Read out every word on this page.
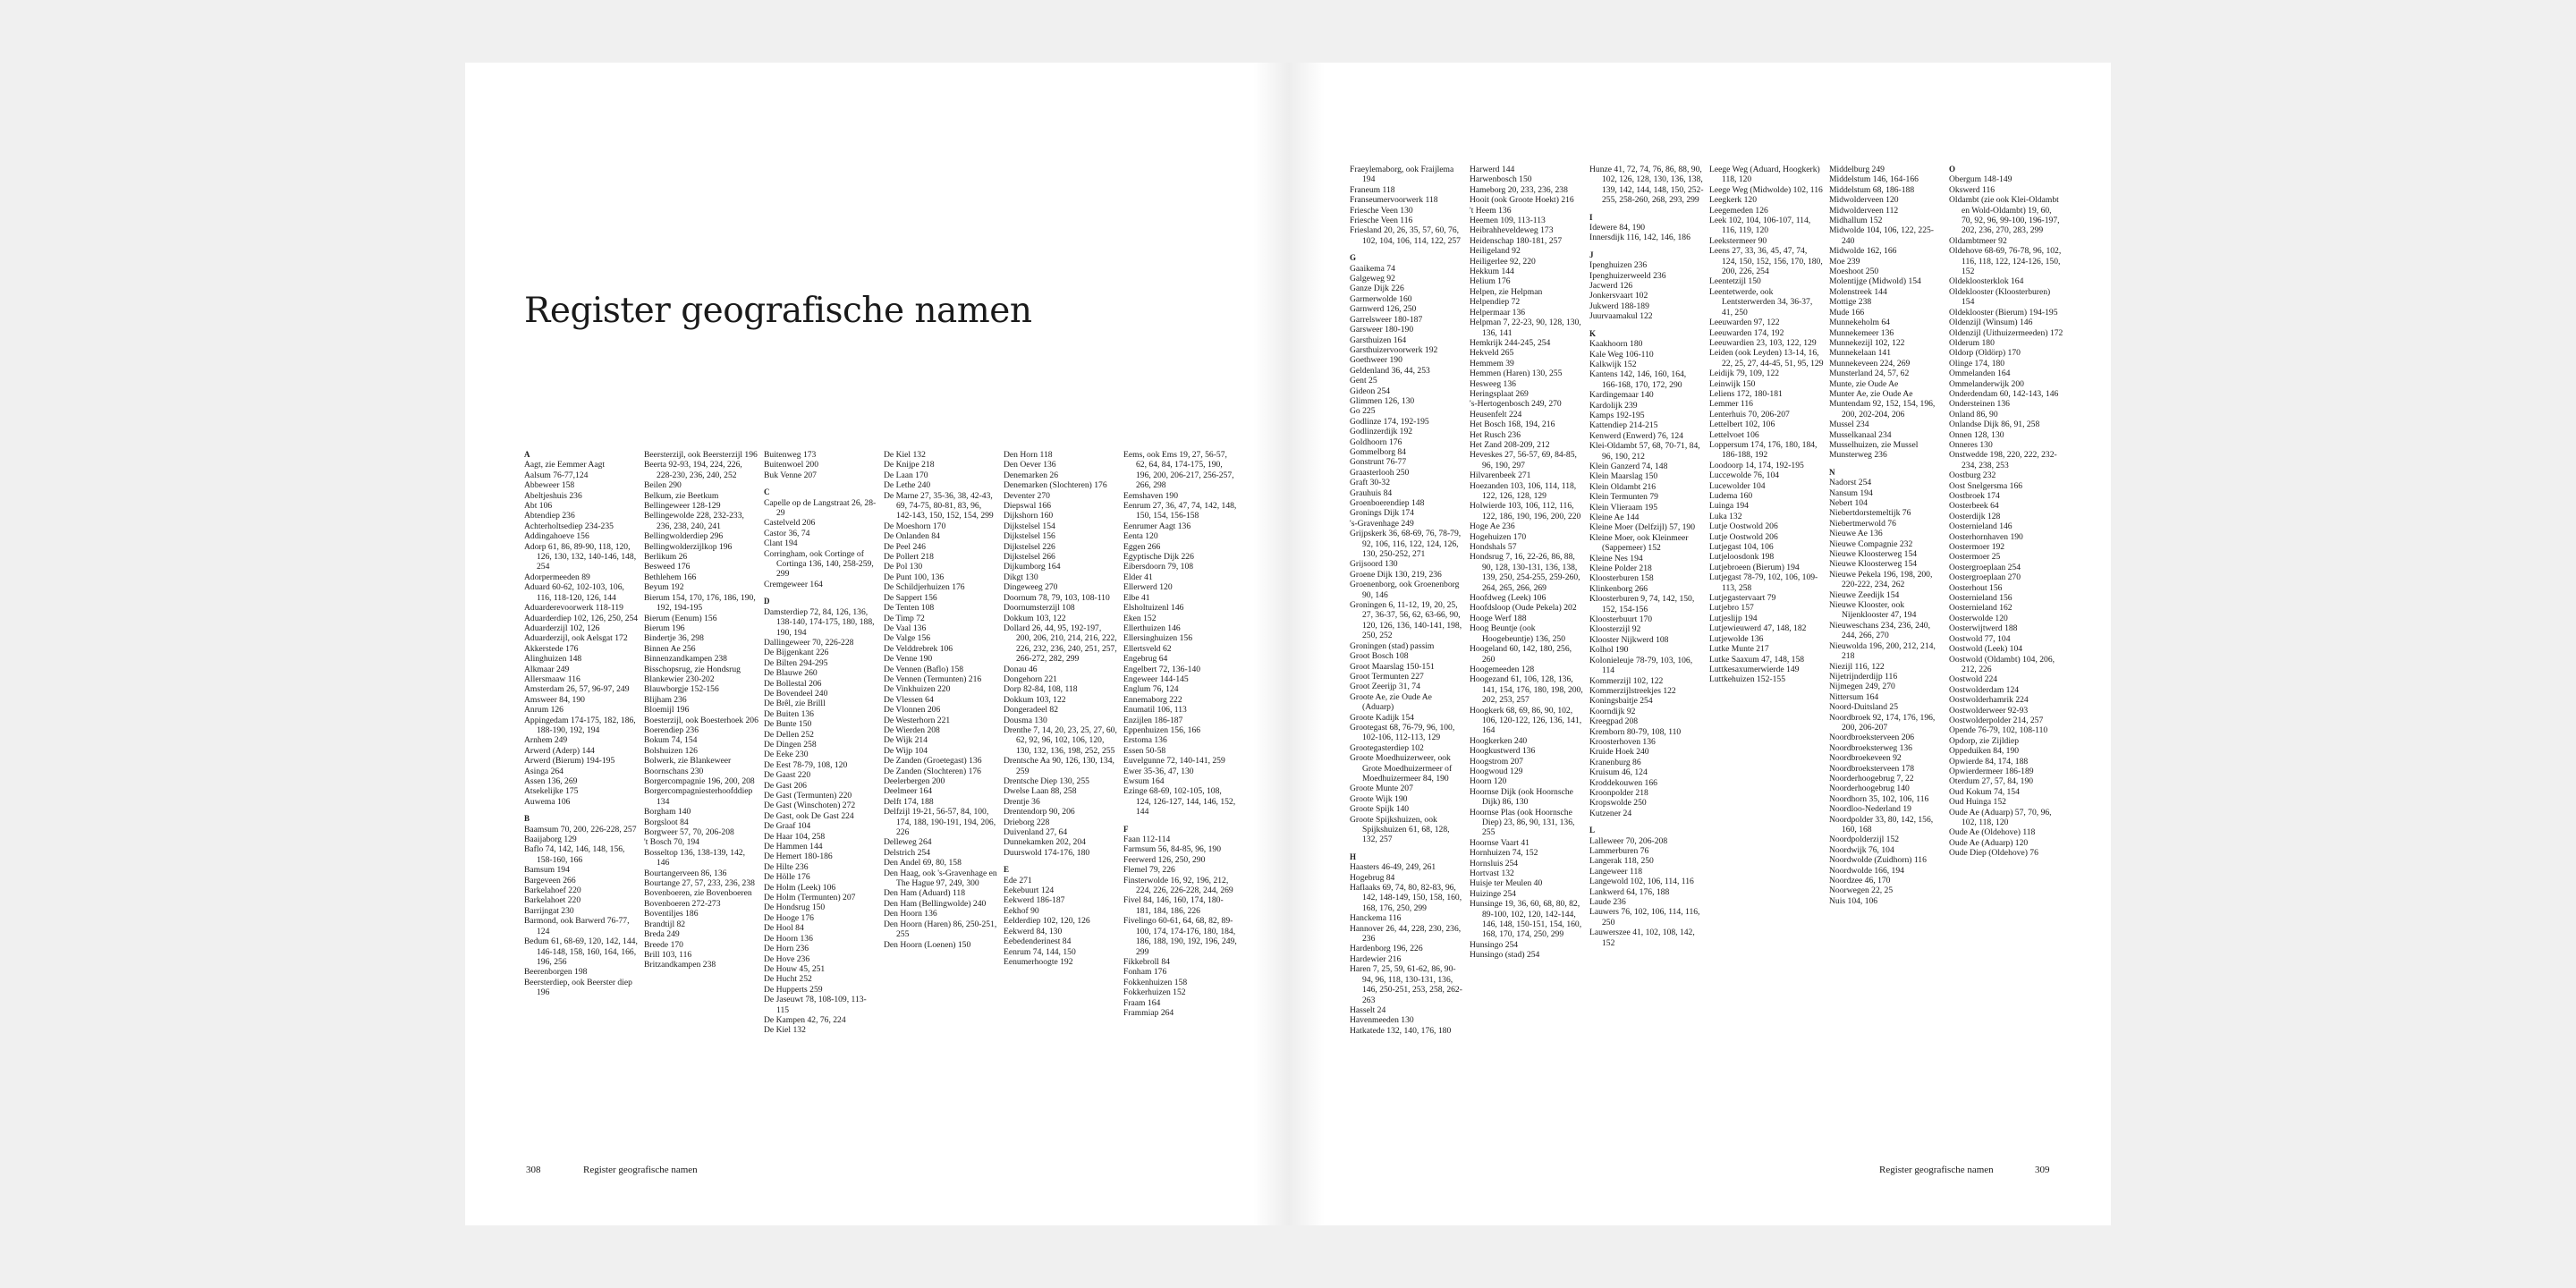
Register geografische namen
A
Aagt, zie Eemmer Aagt
Aalsum 76-77,124
Abbeweer 158
Abeltjeshuis 236
Abt 106
Abtendiep 236
Achterholtsediep 234-235
Addingahoeve 156
Adorp 61, 86, 89-90, 118, 120, 126, 130, 132, 140-146, 148, 254
Adorpermeeden 89
Aduard 60-62, 102-103, 106, 116, 118-120, 126, 144
Aduarderevoorwerk 118-119
Aduarderdiep 102, 126, 250, 254
Aduarderzijl 102, 126
Aduarderzijl, ook Aelsgat 172
Akkerstede 176
Alinghuizen 148
Alkmaar 249
Allersmaaw 116
Amsterdam 26, 57, 96-97, 249
Amsweer 84, 190
Anrum 126
Appingedam 174-175, 182, 186, 188-190, 192, 194
Arnhem 249
Arwerd (Aderp) 144
Arwerd (Bierum) 194-195
Asinga 264
Assen 136, 269
Atsekelijke 175
Auwema 106
B
Baamsum 70, 200, 226-228, 257
Baaijaborg 129
Baflo 74, 142, 146, 148, 156, 158-160, 166
Bamsum 194
Bargeveen 266
Barkelahoef 220
Barkelahoet 220
Barrijngat 230
Barmond, ook Barwerd 76-77, 124
Bedum 61, 68-69, 120, 142, 144, 146-148, 158, 160, 164, 166, 196, 256
Beerenborgen 198
Beersterdiep, ook Beerster diep 196
Beersterzijl, ook Beersterzijl 196
Beerta 92-93, 194, 224, 226, 228-230, 236, 240, 252
Beilen 290
Belkum, zie Beetkum
Bellingeweer 128-129
Bellingewolde 228, 232-233, 236, 238, 240, 241
Bellingwolderdiep 296
Bellingwolderzijlkop 196
Berlikum 26
Besweed 176
Bethlehem 166
Beyum 192
Bierum 154, 170, 176, 186, 190, 192, 194-195
Bierum (Eenum) 156
Bierum 196
Bindertje 36, 298
Binnen Ae 256
Binnenzandkampen 238
Bisschopsrug, zie Hondsrug
Blankewier 230-202
Blauwborgje 152-156
Blijham 236
Bloemijl 196
Boesterzijl, ook Boesterhoek 206
Boerendiep 236
Bokum 74, 154
Bolshuizen 126
Bolwerk, zie Blankeweer
Boornschans 230
Borgercompagnie 196, 200, 208
Borgercompagniesterhoofddiep 134
Borgham 140
Borgsloot 84
Borgweer 57, 70, 206-208
't Bosch 70, 194
Bosseltop 136, 138-139, 142, 146
Bourtangerveen 86, 136
Bourtange 27, 57, 233, 236, 238
Bovenboeren, zie Bovenboeren
Bovenboeren 272-273
Boventiljes 186
Brandtijl 82
Breda 249
Breede 170
Brill 103, 116
Britzandkampen 238
Buitenweg 173
Buitenwoel 200
Buk Venne 207
C
Capelle op de Langstraat 26, 28-29
Castelveld 206
Castor 36, 74
Clant 194
Corringham, ook Cortinge of Cortinga 136, 140, 258-259, 299
Cremgeweer 164
D
Damsterdiep 72, 84, 126, 136, 138-140, 174-175, 180, 188, 190, 194
Dallingeweer 70, 226-228
De Bijgenkant 226
De Bilten 294-295
De Blauwe 260
De Bollestal 206
De Bovendeel 240
De Brêl, zie Brilll
De Buiten 136
De Bunte 150
De Dellen 252
De Dingen 258
De Eeke 230
De Eest 78-79, 108, 120
De Gaast 220
De Gast 206
De Gast (Termunten) 220
De Gast (Winschoten) 272
De Gast, ook De Gast 224
De Graaf 104
De Haar 104, 258
De Hammen 144
De Hemert 180-186
De Hilte 236
De Hölle 176
De Holm (Leek) 106
De Holm (Termunten) 207
De Hondsrug 150
De Hooge 176
De Hool 84
De Hoorn 136
De Horn 236
De Hove 236
De Houw 45, 251
De Hucht 252
De Hupperts 259
De Jaseuwt 78, 108-109, 113-115
De Kampen 42, 76, 224
De Kiel 132
De Kiel 132
De Knijpe 218
De Laan 170
De Lethe 240
De Marne 27, 35-36, 38, 42-43, 69, 74-75, 80-81, 83, 96, 142-143, 150, 152, 154, 299
De Moeshorn 170
De Onlanden 84
De Peel 246
De Pollert 218
De Pol 130
De Punt 100, 136
De Schildjerhuizen 176
De Sappert 156
De Tenten 108
De Timp 72
De Vaal 136
De Valge 156
De Velddrebrek 106
De Venne 190
De Vennen (Baflo) 158
De Vennen (Termunten) 216
De Vinkhuizen 220
De Vlessen 64
De Vlonnen 206
De Westerhorn 221
De Wierden 208
De Wijk 214
De Wijp 104
De Zanden (Groetegast) 136
De Zanden (Slochteren) 176
Deelerbergen 200
Deelmeer 164
Delft 174, 188
Delfzijl 19-21, 56-57, 84, 100, 174, 188, 190-191, 194, 206, 226
Delleweg 264
Delstrich 254
Den Andel 69, 80, 158
Den Haag, ook 's-Gravenhage en The Hague 97, 249, 300
Den Ham (Aduard) 118
Den Ham (Bellingwolde) 240
Den Hoorn 136
Den Hoorn (Haren) 86, 250-251, 255
Den Hoorn (Loenen) 150
Den Horn 118
Den Oever 136
Denemarken 26
Denemarken (Slochteren) 176
Deventer 270
Diepswal 166
Dijkshorn 160
Dijkstelsel 154
Dijkstelsel 156
Dijkstelsel 226
Dijkstelsel 266
Dijkumborg 164
Dikgt 130
Dingeweeg 270
Doornum 78, 79, 103, 108-110
Doornumsterzijl 108
Dokkum 103, 122
Dollard 26, 44, 95, 192-197, 200, 206, 210, 214, 216, 222, 226, 232, 236, 240, 251, 257, 266-272, 282, 299
Donau 46
Dongehorn 221
Dorp 82-84, 108, 118
Dokkum 103, 122
Dongeradeel 82
Dousma 130
Drenthe 7, 14, 20, 23, 25, 27, 60, 62, 92, 96, 102, 106, 120, 130, 132, 136, 198, 252, 255
Drentsche Aa 90, 126, 130, 134, 259
Drentsche Diep 130, 255
Dwelse Laan 88, 258
Drentje 36
Drentendorp 90, 206
Drieborg 228
Duivenland 27, 64
Dunnekamken 202, 204
Duurswold 174-176, 180
E
Ede 271
Eekebuurt 124
Eekwerd 186-187
Eekhof 90
Eelderdiep 102, 120, 126
Eekwerd 84, 130
Eebedenderinest 84
Eenrum 74, 144, 150
Eenumerhoogte 192
Eems, ook Ems 19, 27, 56-57, 62, 64, 84, 174-175, 190, 196, 200, 206-217, 256-257, 266, 298
Eemshaven 190
Eenrum 27, 36, 47, 74, 142, 148, 150, 154, 156-158
Eenrumer Aagt 136
Eenta 120
Eggen 266
Egyptische Dijk 226
Eibersdoorn 79, 108
Elder 41
Ellerwerd 120
Elbe 41
Elsholtuizenl 146
Eken 152
Ellerthuizen 146
Ellersinghuizen 156
Ellertsveld 62
Engebrug 64
Engelbert 72, 136-140
Engeweer 144-145
Englum 76, 124
Ennemaborg 222
Enumatil 106, 113
Enzijlen 186-187
Eppenhuizen 156, 166
Erstoma 136
Essen 50-58
Euvelgunne 72, 140-141, 259
Ewer 35-36, 47, 130
Ewsum 164
Ezinge 68-69, 102-105, 108, 124, 126-127, 144, 146, 152, 144
F
Faan 112-114
Farmsum 56, 84-85, 96, 190
Feerwerd 126, 250, 290
Flemel 79, 226
Finsterwolde 16, 92, 196, 212, 224, 226, 226-228, 244, 269
Fivel 84, 146, 160, 174, 180-181, 184, 186, 226
Fivelingo 60-61, 64, 68, 82, 89-100, 174, 174-176, 180, 184, 186, 188, 190, 192, 196, 249, 299
Fikkebroll 84
Fonham 176
Fokkenhuizen 158
Fokkerhuizen 152
Fraam 164
Frammiap 264
308	Register geografische namen
Fraeylemaborg, ook Fraijlema 194
Franeum 118
Franseumervoorwerk 118
Friesche Veen 130
Friesche Veen 116
Friesland 20, 26, 35, 57, 60, 76, 102, 104, 106, 114, 122, 257
G
Gaaikema 74
Galgeweg 92
Ganze Dijk 226
Garmerwolde 160
Garnwerd 126, 250
Garrelsweer 180-187
Garsweer 180-190
Garsthuizen 164
Garsthuizervoorwerk 192
Goethweer 190
Geldenland 36, 44, 253
Gent 25
Gideon 254
Glimmen 126, 130
Go 225
Godlinze 174, 192-195
Godlinzerdijk 192
Goldhoorn 176
Gommelborg 84
Gonstrunt 76-77
Graasterlooh 250
Graft 30-32
Grauhuis 84
Groenboerendiep 148
Gronings Dijk 174
's-Gravenhage 249
Grijpskerk 36, 68-69, 76, 78-79, 92, 106, 116, 122, 124, 126, 130, 250-252, 271
Grijsoord 130
Groene Dijk 130, 219, 236
Groenenborg, ook Groenenborg 90, 146
Groningen 6, 11-12, 19, 20, 25, 27, 36-37, 56, 62, 63-66, 90, 120, 126, 136, 140-141, 198, 250, 252
Groningen (stad) passim
Groot Bosch 108
Groot Maarslag 150-151
Groot Termunten 227
Groot Zeerijp 31, 74
Groote Ae, zie Oude Ae (Aduarp)
Groote Kadijk 154
Grootegast 68, 76-79, 96, 100, 102-106, 112-113, 129
Grootegasterdiep 102
Groote Moedhuizerweer, ook Grote Moedhuizermeer of Moedhuizermeer 84, 190
Groote Munte 207
Groote Wijk 190
Groote Spijk 140
Groote Spijkshuizen, ook Spijkshuizen 61, 68, 128, 132, 257
H
Haasters 46-49, 249, 261
Hogebrug 84
Haflaaks 69, 74, 80, 82-83, 96, 142, 148-149, 150, 158, 160, 168, 176, 250, 299
Hanckema 116
Hannover 26, 44, 228, 230, 236, 236
Hardenborg 196, 226
Hardewier 216
Haren 7, 25, 59, 61-62, 86, 90-94, 96, 118, 130-131, 136, 146, 250-251, 253, 258, 262-263
Hasselt 24
Havenmeeden 130
Hatkatede 132, 140, 176, 180
Harwerd 144
Harwenbosch 150
Hameborg 20, 233, 236, 238
Hooit (ook Groote Hoekt) 216
't Heem 136
Heemen 109, 113-113
Heibrahheveldeweg 173
Heidenschap 180-181, 257
Heiligeland 92
Heiligerlee 92, 220
Hekkum 144
Helium 176
Helpen, zie Helpman
Helpendiep 72
Helpermaar 136
Helpman 7, 22-23, 90, 128, 130, 136, 141
Hemkrijk 244-245, 254
Hekveld 265
Hemmem 39
Hemmen (Haren) 130, 255
Hesweeg 136
Heringsplaat 269
's-Hertogenbosch 249, 270
Heusenfelt 224
Het Bosch 168, 194, 216
Het Rusch 236
Het Zand 208-209, 212
Heveskes 27, 56-57, 69, 84-85, 96, 190, 297
Hilvarenbeek 271
Hoezanden 103, 106, 114, 118, 122, 126, 128, 129
Holwierde 103, 106, 112, 116, 122, 186, 190, 196, 200, 220
Hoge Ae 236
Hogehuizen 170
Hondshals 57
Hondsrug 7, 16, 22-26, 86, 88, 90, 128, 130-131, 136, 138, 139, 250, 254-255, 259-260, 264, 265, 266, 269
Hoofdweg (Leek) 106
Hoofdsloop (Oude Pekela) 202
Hooge Werf 188
Hoog Beuntje (ook Hoogebeuntje) 136, 250
Hoogeland 60, 142, 180, 256, 260
Hoogemeeden 128
Hoogezand 61, 106, 128, 136, 141, 154, 176, 180, 198, 200, 202, 253, 257
Hoogkerk 68, 69, 86, 90, 102, 106, 120-122, 126, 136, 141, 164
Hoogkerken 240
Hoogkustwerd 136
Hoogstrom 207
Hoogwoud 129
Hoorn 120
Hoornse Dijk (ook Hoornsche Dijk) 86, 130
Hoornse Plas (ook Hoornsche Diep) 23, 86, 90, 131, 136, 255
Hoornse Vaart 41
Hornhuizen 74, 152
Hornsluis 254
Hortvast 132
Huisje ter Meulen 40
Huizinge 254
Hunsinge 19, 36, 60, 68, 80, 82, 89-100, 102, 120, 142-144, 146, 148, 150-151, 154, 160, 168, 170, 174, 250, 299
Hunsingo 254
Hunsingo (stad) 254
Hunze 41, 72, 74, 76, 86, 88, 90, 102, 126, 128, 130, 136, 138, 139, 142, 144, 148, 150, 252-255, 258-260, 268, 293, 299
I
Idewere 84, 190
Innersdijk 116, 142, 146, 186
J
Ipenghuizen 236
Ipenghuizerweeld 236
Jacwerd 126
Jonkersvaart 102
Jukwerd 188-189
Juurvaamakul 122
K
Kaakhoorn 180
Kale Weg 106-110
Kalkwijk 152
Kantens 142, 146, 160, 164, 166-168, 170, 172, 290
Kardingemaar 140
Kardolijk 239
Kamps 192-195
Kattendiep 214-215
Kenwerd (Enwerd) 76, 124
Klei-Oldambt 57, 68, 70-71, 84, 96, 190, 212
Klein Ganzerd 74, 148
Klein Maarslag 150
Klein Oldambt 216
Klein Termunten 79
Klein Vlieraam 195
Kleine Ae 144
Kleine Moer (Delfzijl) 57, 190
Kleine Moer, ook Kleinmeer (Sappemeer) 152
Kleine Nes 194
Kleine Polder 218
Kloosterburen 158
Klinkenborg 266
Kloosterburen 9, 74, 142, 150, 152, 154-156
Kloosterbuurt 170
Kloosterzijl 92
Klooster Nijkwerd 108
Kolhol 190
Kolonieleuje 78-79, 103, 106, 114
Kommerzijl 102, 122
Kommerzijlstreekjes 122
Koningsbaitje 254
Koorndijk 92
Kreegpad 208
Kremborn 80-79, 108, 110
Kroosterhoven 136
Kruide Hoek 240
Kranenburg 86
Kruisum 46, 124
Kroddekouwen 166
Kroonpolder 218
Kropswolde 250
Kutzener 24
L
Lalleweer 70, 206-208
Lammerburen 76
Langerak 118, 250
Langeweer 118
Langewold 102, 106, 114, 116
Lankwerd 64, 176, 188
Laude 236
Lauwers 76, 102, 106, 114, 116, 250
Lauwerszee 41, 102, 108, 142, 152
Leege Weg (Aduard, Hoogkerk) 118, 120
Leege Weg (Midwolde) 102, 116
Leegkerk 120
Leegemeden 126
Leek 102, 104, 106-107, 114, 116, 119, 120
Leekstermeer 90
Leens 27, 33, 36, 45, 47, 74, 124, 150, 152, 156, 170, 180, 200, 226, 254
Leentetzijl 150
Leentetwerde, ook Lentsterwerden 34, 36-37, 41, 250
Leeuwarden 97, 122
Leeuwarden 174, 192
Leeuwardien 23, 103, 122, 129
Leiden (ook Leyden) 13-14, 16, 22, 25, 27, 44-45, 51, 95, 129
Leidijk 79, 109, 122
Leinwijk 150
Leliens 172, 180-181
Lemmer 116
Lenterhuis 70, 206-207
Lettelbert 102, 106
Lettelvoet 106
Loppersum 174, 176, 180, 184, 186-188, 192
Loodoorp 14, 174, 192-195
Luccewolde 76, 104
Lucewolder 104
Ludema 160
Luinga 194
Luka 132
Lutje Oostwold 206
Lutje Oostwold 206
Lutjegast 104, 106
Lutjeloosdonk 198
Lutjebroeen (Bierum) 194
Lutjegast 78-79, 102, 106, 109-113, 258
Lutjegastervaart 79
Lutjebro 157
Lutjeslijp 194
Lutjewieuwerd 47, 148, 182
Lutjewolde 136
Lutke Munte 217
Lutke Saaxum 47, 148, 158
Luttkesaxumerwierde 149
Luttkehuizen 152-155
Middelburg 249
Middelstum 146, 164-166
Middelstum 68, 186-188
Midwolderveen 120
Midwolderveen 112
Midhallum 152
Midwolde 104, 106, 122, 225-240
Midwolde 162, 166
Moe 239
Moeshoot 250
Molentijge (Midwold) 154
Molenstreek 144
Mottige 238
Mude 166
Munnekeholm 64
Munnekemeer 136
Munnekezijl 102, 122
Munnekelaan 141
Munnekeveen 224, 269
Munsterland 24, 57, 62
Munte, zie Oude Ae
Munter Ae, zie Oude Ae
Muntendam 92, 152, 154, 196, 200, 202-204, 206
Mussel 234
Musselkanaal 234
Musselhuizen, zie Mussel
Munsterweg 236
N
Nadorst 254
Nansum 194
Nebert 104
Niebertdorstemeltijk 76
Niebertmerwold 76
Nieuwe Ae 136
Nieuwe Compagnie 232
Nieuwe Kloosterweg 154
Nieuwe Kloosterweg 154
Nieuwe Pekela 196, 198, 200, 220-222, 234, 262
Nieuwe Zeedijk 154
Nieuwe Klooster, ook Nijenklooster 47, 194
Nieuweschans 234, 236, 240, 244, 266, 270
Nieuwolda 196, 200, 212, 214, 218
Niezijl 116, 122
Nijetrijnderdijp 116
Nijmegen 249, 270
Nittersum 164
Noord-Duitsland 25
Noordbroek 92, 174, 176, 196, 200, 206-207
Noordbroeksterveen 206
Noordbroeksterweg 136
Noordbroekeveen 92
Noordbroeksterveen 178
Noorderhoogebrug 7, 22
Noorderhoogebrug 140
Noordhorn 35, 102, 106, 116
Noordloo-Nederland 19
Noordpolder 33, 80, 142, 156, 160, 168
Noordpolderzijl 152
Noordwijk 76, 104
Noordwolde (Zuidhorn) 116
Noordwolde 166, 194
Noordzee 46, 170
Noorwegen 22, 25
Nuis 104, 106
O
Obergum 148-149
Okswerd 116
Oldambt (zie ook Klei-Oldambt en Wold-Oldambt) 19, 60, 70, 92, 96, 99-100, 196-197, 202, 236, 270, 283, 299
Oldambtmeer 92
Oldehove 68-69, 76-78, 96, 102, 116, 118, 122, 124-126, 150, 152
Oldekloosterklok 164
Oldeklooster (Kloosterburen) 154
Oldeklooster (Bierum) 194-195
Oldenzijl (Winsum) 146
Oldenzijl (Uithuizermeeden) 172
Olderum 180
Oldorp (Oldörp) 170
Olinge 174, 180
Ommelanden 164
Ommelanderwijk 200
Onderdendam 60, 142-143, 146
Ondersteinen 136
Onland 86, 90
Onlandse Dijk 86, 91, 258
Onnen 128, 130
Onneres 130
Onstwedde 198, 220, 222, 232-234, 238, 253
Oostburg 232
Oost Snelgersma 166
Oostbroek 174
Oosterbeek 64
Oosterdijk 128
Oosternieland 146
Oosterhornhaven 190
Oostermoer 192
Oostermoer 25
Oostergroeplaan 254
Oostergroeplaan 270
Oosterhout 156
Oosternieland 156
Oosternieland 162
Oosterwolde 120
Oosterwijtwerd 188
Oostwold 77, 104
Oostwold (Leek) 104
Oostwold (Oldambt) 104, 206, 212, 226
Oostwold 224
Oostwolderdam 124
Oostwolderhamrik 224
Oostwolderweer 92-93
Oostwolderpolder 214, 257
Opende 76-79, 102, 108-110
Opdorp, zie Zijldiep
Oppeduiken 84, 190
Opwierde 84, 174, 188
Opwierdermeer 186-189
Oterdum 27, 57, 84, 190
Oud Kokum 74, 154
Oud Huinga 152
Oude Ae (Aduarp) 57, 70, 96, 102, 118, 120
Oude Ae (Oldehove) 118
Oude Ae (Aduarp) 120
Oude Diep (Oldehove) 76
Register geografische namen	309
